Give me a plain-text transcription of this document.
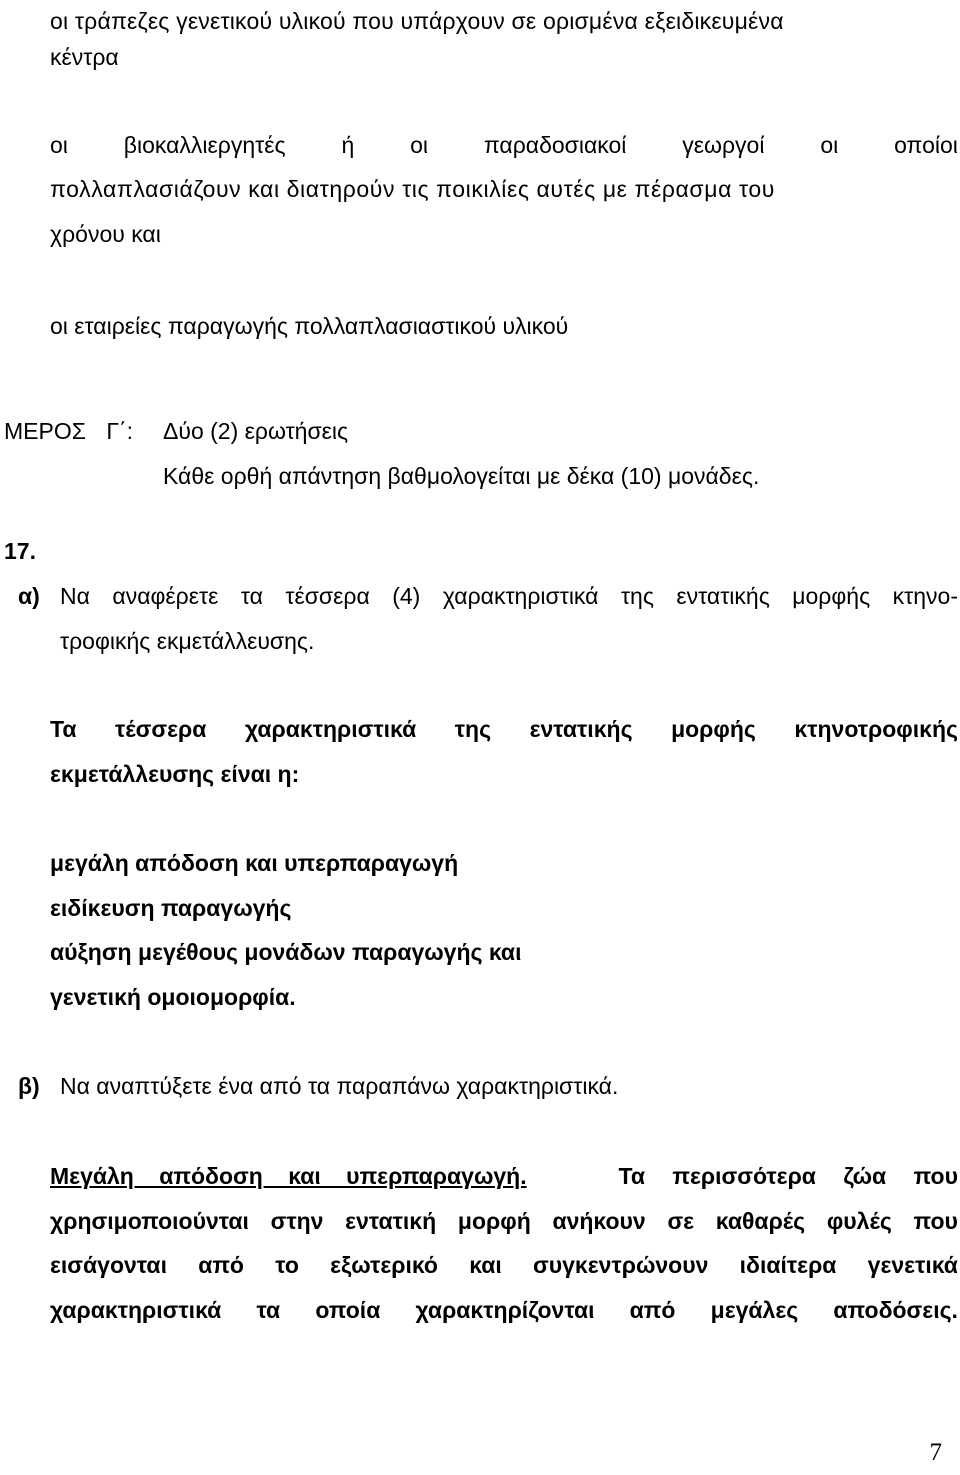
οι τράπεζες γενετικού υλικού που υπάρχουν σε ορισμένα εξειδικευμένα
κέντρα
οι βιοκαλλιεργητές ή οι παραδοσιακοί γεωργοί οι οποίοι
πολλαπλασιάζουν και διατηρούν τις ποικιλίες αυτές με πέρασμα του
χρόνου και
οι εταιρείες παραγωγής πολλαπλασιαστικού υλικού
ΜΕΡΟΣ Γ΄: Δύο (2) ερωτήσεις
Κάθε ορθή απάντηση βαθμολογείται με δέκα (10) μονάδες.
17.
α) Να αναφέρετε τα τέσσερα (4) χαρακτηριστικά της εντατικής μορφής κτηνο-
τροφικής εκμετάλλευσης.
Τα τέσσερα χαρακτηριστικά της εντατικής μορφής κτηνοτροφικής
εκμετάλλευσης είναι η:
μεγάλη απόδοση και υπερπαραγωγή
ειδίκευση παραγωγής
αύξηση μεγέθους μονάδων παραγωγής και
γενετική ομοιομορφία.
β) Να αναπτύξετε ένα από τα παραπάνω χαρακτηριστικά.
Μεγάλη απόδοση και υπερπαραγωγή.	Τα περισσότερα ζώα που
χρησιμοποιούνται στην εντατική μορφή ανήκουν σε καθαρές φυλές που
εισάγονται από το εξωτερικό και συγκεντρώνουν ιδιαίτερα γενετικά
χαρακτηριστικά τα οποία χαρακτηρίζονται από μεγάλες αποδόσεις.
7
